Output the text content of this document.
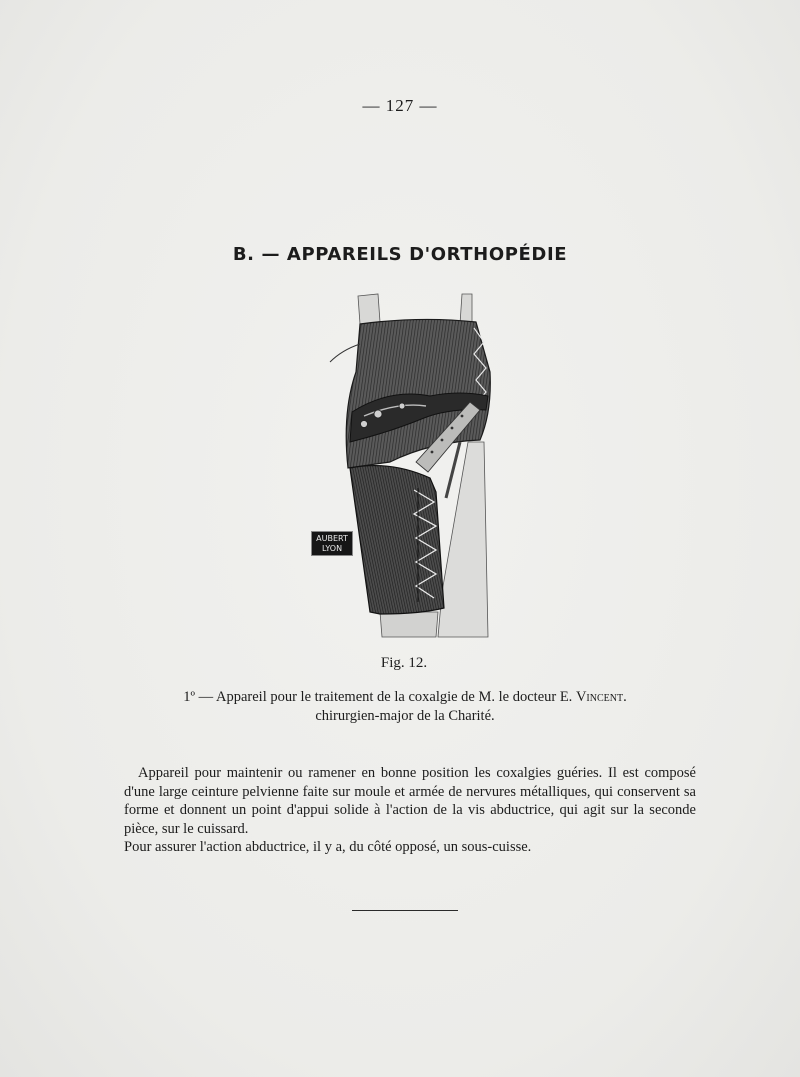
— 127 —
B. — APPAREILS D'ORTHOPÉDIE
AUBERT
LYON
Fig. 12.
1º — Appareil pour le traitement de la coxalgie de M. le docteur E. Vincent.
chirurgien-major de la Charité.

Appareil pour maintenir ou ramener en bonne position les coxalgies guéries. Il est composé d'une large ceinture pelvienne faite sur moule et armée de nervures métalliques, qui conservent sa forme et donnent un point d'appui solide à l'action de la vis abductrice, qui agit sur la seconde pièce, sur le cuissard.

Pour assurer l'action abductrice, il y a, du côté opposé, un sous-cuisse.
